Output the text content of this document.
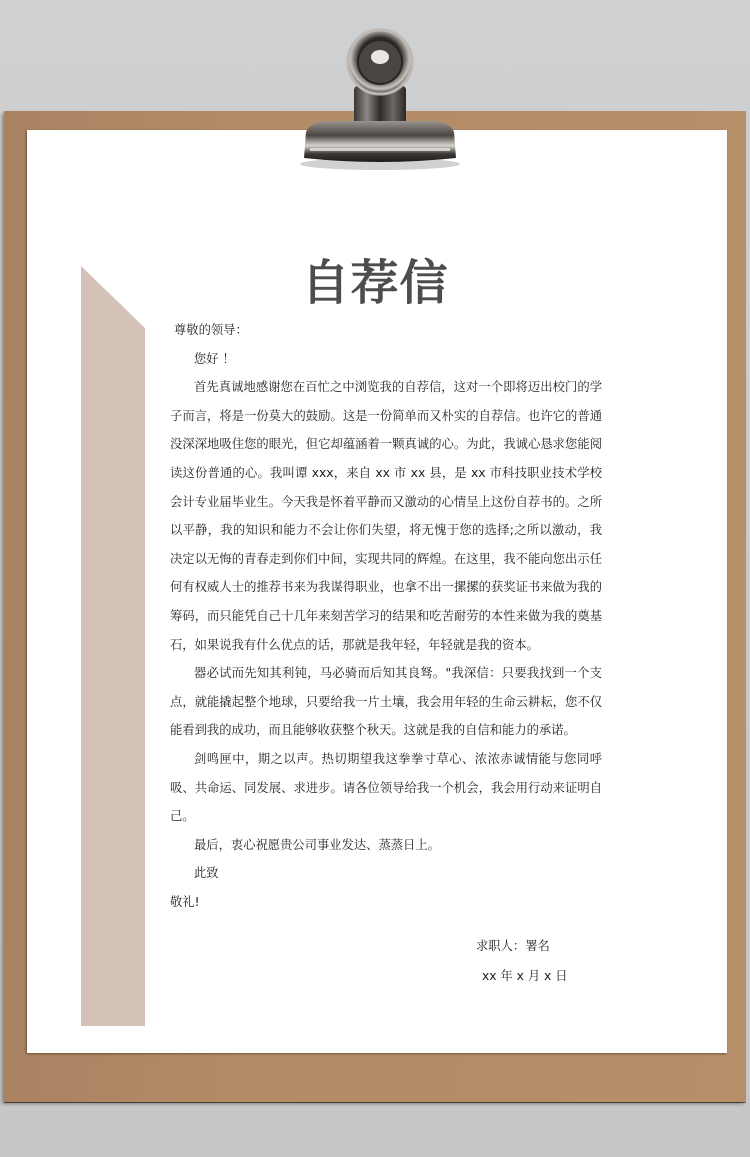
自荐信

尊敬的领导：

您好 ！

首先真诚地感谢您在百忙之中浏览我的自荐信，这对一个即将迈出校门的学子而言，将是一份莫大的鼓励。这是一份简单而又朴实的自荐信。也许它的普通没深深地吸住您的眼光，但它却蕴涵着一颗真诚的心。为此，我诚心恳求您能阅读这份普通的心。我叫谭 xxx，来自 xx 市 xx 县，是 xx 市科技职业技术学校会计专业届毕业生。今天我是怀着平静而又激动的心情呈上这份自荐书的。之所以平静，我的知识和能力不会让你们失望，将无愧于您的选择;之所以激动，我决定以无悔的青春走到你们中间，实现共同的辉煌。在这里，我不能向您出示任何有权威人士的推荐书来为我谋得职业，也拿不出一摞摞的获奖证书来做为我的筹码，而只能凭自己十几年来刻苦学习的结果和吃苦耐劳的本性来做为我的奠基石，如果说我有什么优点的话，那就是我年轻，年轻就是我的资本。

器必试而先知其利钝，马必骑而后知其良驽。"我深信：只要我找到一个支点，就能撬起整个地球，只要给我一片土壤，我会用年轻的生命云耕耘，您不仅能看到我的成功，而且能够收获整个秋天。这就是我的自信和能力的承诺。

剑鸣匣中，期之以声。热切期望我这拳拳寸草心、浓浓赤诚情能与您同呼吸、共命运、同发展、求进步。请各位领导给我一个机会，我会用行动来证明自己。

最后，衷心祝愿贵公司事业发达、蒸蒸日上。

此致

敬礼!

求职人：署名
xx 年 x 月 x 日
